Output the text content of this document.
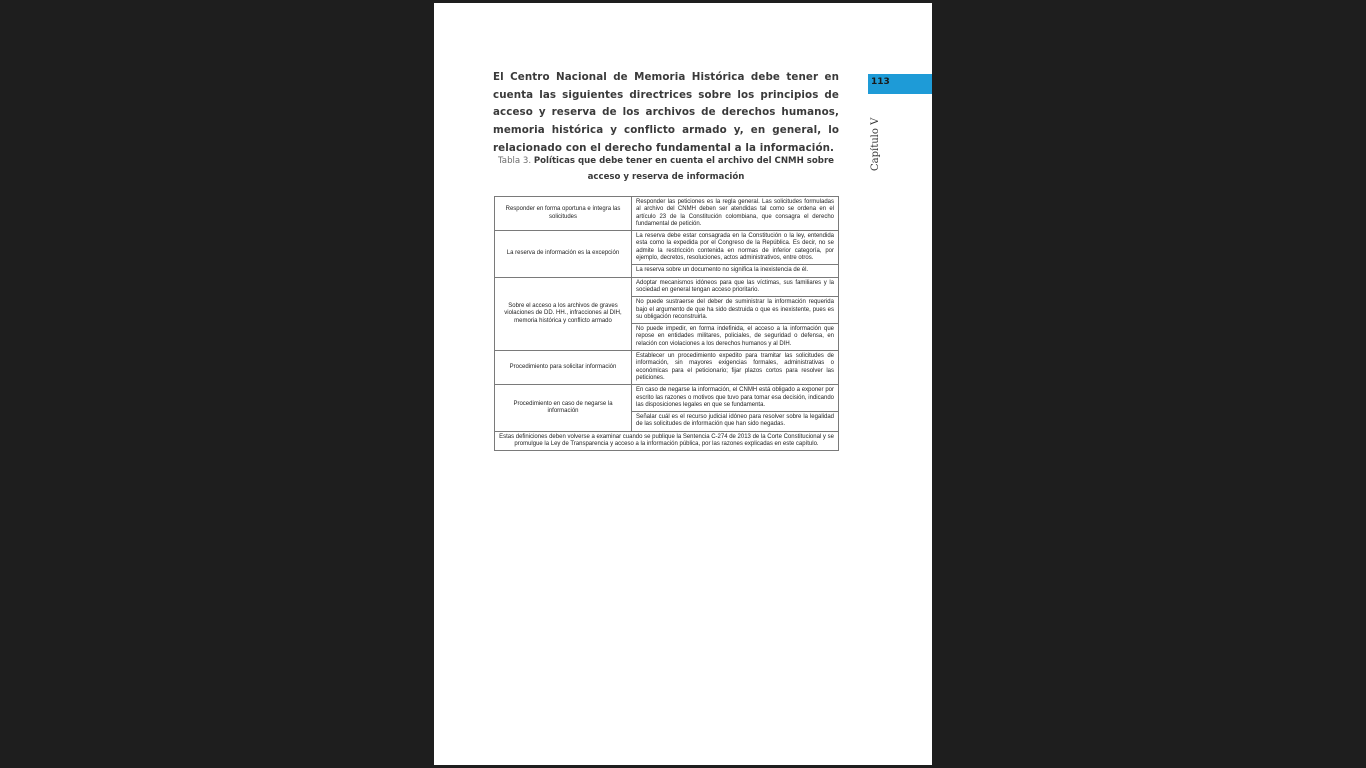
113
Capítulo V

El Centro Nacional de Memoria Histórica debe tener en cuenta las siguientes directrices sobre los principios de acceso y reserva de los archivos de derechos humanos, memoria histórica y conflicto armado y, en general, lo relacionado con el derecho fundamental a la información.

Tabla 3. Políticas que debe tener en cuenta el archivo del CNMH sobre acceso y reserva de información
Responder en forma oportuna e íntegra las solicitudes	Responder las peticiones es la regla general. Las solicitudes formuladas al archivo del CNMH deben ser atendidas tal como se ordena en el artículo 23 de la Constitución colombiana, que consagra el derecho fundamental de petición.
La reserva de información es la excepción	La reserva debe estar consagrada en la Constitución o la ley, entendida esta como la expedida por el Congreso de la República. Es decir, no se admite la restricción contenida en normas de inferior categoría, por ejemplo, decretos, resoluciones, actos administrativos, entre otros.
	La reserva sobre un documento no significa la inexistencia de él.
Sobre el acceso a los archivos de graves violaciones de DD. HH., infracciones al DIH, memoria histórica y conflicto armado	Adoptar mecanismos idóneos para que las víctimas, sus familiares y la sociedad en general tengan acceso prioritario.
	No puede sustraerse del deber de suministrar la información requerida bajo el argumento de que ha sido destruida o que es inexistente, pues es su obligación reconstruirla.
	No puede impedir, en forma indefinida, el acceso a la información que repose en entidades militares, policiales, de seguridad o defensa, en relación con violaciones a los derechos humanos y al DIH.
Procedimiento para solicitar información	Establecer un procedimiento expedito para tramitar las solicitudes de información, sin mayores exigencias formales, administrativas o económicas para el peticionario; fijar plazos cortos para resolver las peticiones.
Procedimiento en caso de negarse la información	En caso de negarse la información, el CNMH está obligado a exponer por escrito las razones o motivos que tuvo para tomar esa decisión, indicando las disposiciones legales en que se fundamenta.
	Señalar cuál es el recurso judicial idóneo para resolver sobre la legalidad de las solicitudes de información que han sido negadas.
Estas definiciones deben volverse a examinar cuando se publique la Sentencia C-274 de 2013 de la Corte Constitucional y se promulgue la Ley de Transparencia y acceso a la información pública, por las razones explicadas en este capítulo.	
